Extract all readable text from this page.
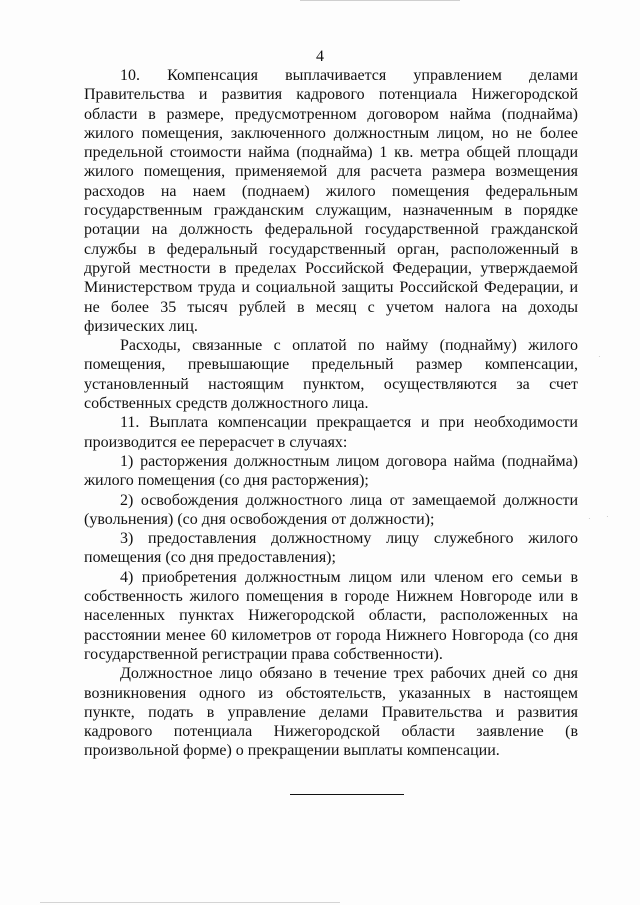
4

10. Компенсация выплачивается управлением делами Правительства и развития кадрового потенциала Нижегородской области в размере, предусмотренном договором найма (поднайма) жилого помещения, заключенного должностным лицом, но не более предельной стоимости найма (поднайма) 1 кв. метра общей площади жилого помещения, применяемой для расчета размера возмещения расходов на наем (поднаем) жилого помещения федеральным государственным гражданским служащим, назначенным в порядке ротации на должность федеральной государственной гражданской службы в федеральный государственный орган, расположенный в другой местности в пределах Российской Федерации, утверждаемой Министерством труда и социальной защиты Российской Федерации, и не более 35 тысяч рублей в месяц с учетом налога на доходы физических лиц.

Расходы, связанные с оплатой по найму (поднайму) жилого помещения, превышающие предельный размер компенсации, установленный настоящим пунктом, осуществляются за счет собственных средств должностного лица.

11. Выплата компенсации прекращается и при необходимости производится ее перерасчет в случаях:

1) расторжения должностным лицом договора найма (поднайма) жилого помещения (со дня расторжения);

2) освобождения должностного лица от замещаемой должности (увольнения) (со дня освобождения от должности);

3) предоставления должностному лицу служебного жилого помещения (со дня предоставления);

4) приобретения должностным лицом или членом его семьи в собственность жилого помещения в городе Нижнем Новгороде или в населенных пунктах Нижегородской области, расположенных на расстоянии менее 60 километров от города Нижнего Новгорода (со дня государственной регистрации права собственности).

Должностное лицо обязано в течение трех рабочих дней со дня возникновения одного из обстоятельств, указанных в настоящем пункте, подать в управление делами Правительства и развития кадрового потенциала Нижегородской области заявление (в произвольной форме) о прекращении выплаты компенсации.

·
·
·
